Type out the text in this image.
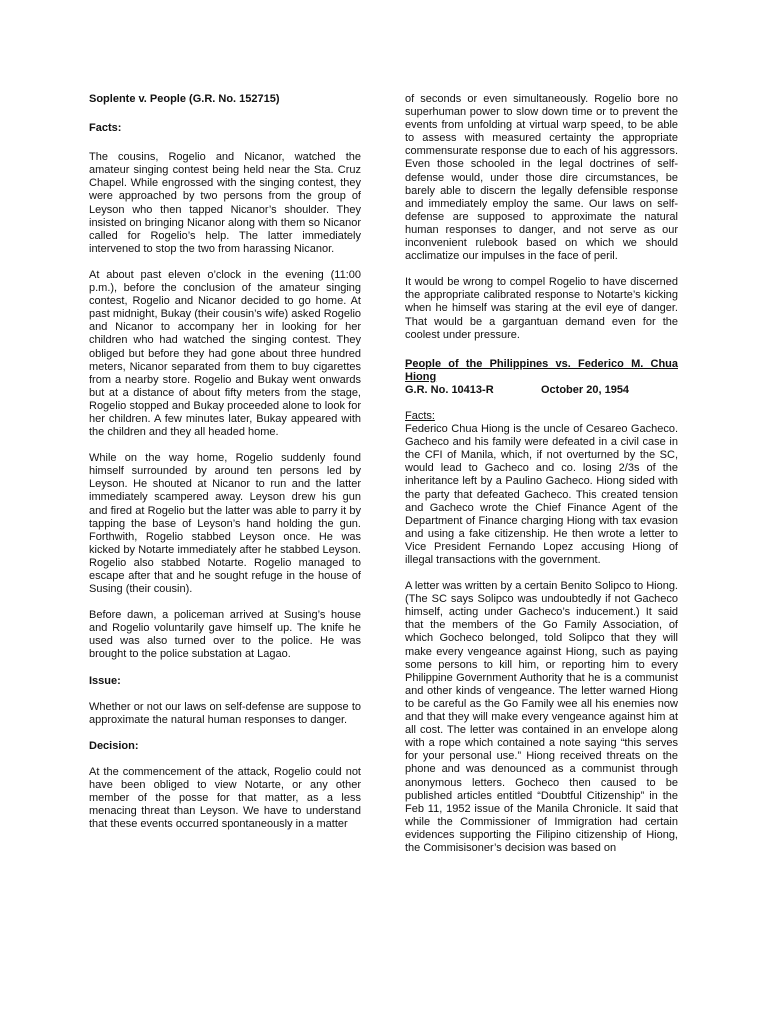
Soplente v. People (G.R. No. 152715)

Facts:

The cousins, Rogelio and Nicanor, watched the amateur singing contest being held near the Sta. Cruz Chapel. While engrossed with the singing contest, they were approached by two persons from the group of Leyson who then tapped Nicanor’s shoulder. They insisted on bringing Nicanor along with them so Nicanor called for Rogelio’s help. The latter immediately intervened to stop the two from harassing Nicanor.

At about past eleven o’clock in the evening (11:00 p.m.), before the conclusion of the amateur singing contest, Rogelio and Nicanor decided to go home. At past midnight, Bukay (their cousin’s wife) asked Rogelio and Nicanor to accompany her in looking for her children who had watched the singing contest. They obliged but before they had gone about three hundred meters, Nicanor separated from them to buy cigarettes from a nearby store. Rogelio and Bukay went onwards but at a distance of about fifty meters from the stage, Rogelio stopped and Bukay proceeded alone to look for her children. A few minutes later, Bukay appeared with the children and they all headed home.

While on the way home, Rogelio suddenly found himself surrounded by around ten persons led by Leyson. He shouted at Nicanor to run and the latter immediately scampered away. Leyson drew his gun and fired at Rogelio but the latter was able to parry it by tapping the base of Leyson’s hand holding the gun. Forthwith, Rogelio stabbed Leyson once. He was kicked by Notarte immediately after he stabbed Leyson. Rogelio also stabbed Notarte. Rogelio managed to escape after that and he sought refuge in the house of Susing (their cousin).

Before dawn, a policeman arrived at Susing’s house and Rogelio voluntarily gave himself up. The knife he used was also turned over to the police. He was brought to the police substation at Lagao.

Issue:

Whether or not our laws on self-defense are suppose to approximate the natural human responses to danger.

Decision:

At the commencement of the attack, Rogelio could not have been obliged to view Notarte, or any other member of the posse for that matter, as a less menacing threat than Leyson. We have to understand that these events occurred spontaneously in a matter

of seconds or even simultaneously. Rogelio bore no superhuman power to slow down time or to prevent the events from unfolding at virtual warp speed, to be able to assess with measured certainty the appropriate commensurate response due to each of his aggressors. Even those schooled in the legal doctrines of self-defense would, under those dire circumstances, be barely able to discern the legally defensible response and immediately employ the same. Our laws on self-defense are supposed to approximate the natural human responses to danger, and not serve as our inconvenient rulebook based on which we should acclimatize our impulses in the face of peril.

It would be wrong to compel Rogelio to have discerned the appropriate calibrated response to Notarte’s kicking when he himself was staring at the evil eye of danger. That would be a gargantuan demand even for the coolest under pressure.

People of the Philippines vs. Federico M. Chua Hiong

G.R. No. 10413-R	October 20, 1954

Facts:

Federico Chua Hiong is the uncle of Cesareo Gacheco. Gacheco and his family were defeated in a civil case in the CFI of Manila, which, if not overturned by the SC, would lead to Gacheco and co. losing 2/3s of the inheritance left by a Paulino Gacheco. Hiong sided with the party that defeated Gacheco. This created tension and Gacheco wrote the Chief Finance Agent of the Department of Finance charging Hiong with tax evasion and using a fake citizenship. He then wrote a letter to Vice President Fernando Lopez accusing Hiong of illegal transactions with the government.

A letter was written by a certain Benito Solipco to Hiong. (The SC says Solipco was undoubtedly if not Gacheco himself, acting under Gacheco’s inducement.) It said that the members of the Go Family Association, of which Gocheco belonged, told Solipco that they will make every vengeance against Hiong, such as paying some persons to kill him, or reporting him to every Philippine Government Authority that he is a communist and other kinds of vengeance. The letter warned Hiong to be careful as the Go Family wee all his enemies now and that they will make every vengeance against him at all cost. The letter was contained in an envelope along with a rope which contained a note saying “this serves for your personal use.” Hiong received threats on the phone and was denounced as a communist through anonymous letters. Gocheco then caused to be published articles entitled “Doubtful Citizenship” in the Feb 11, 1952 issue of the Manila Chronicle. It said that while the Commissioner of Immigration had certain evidences supporting the Filipino citizenship of Hiong, the Commisisoner’s decision was based on
